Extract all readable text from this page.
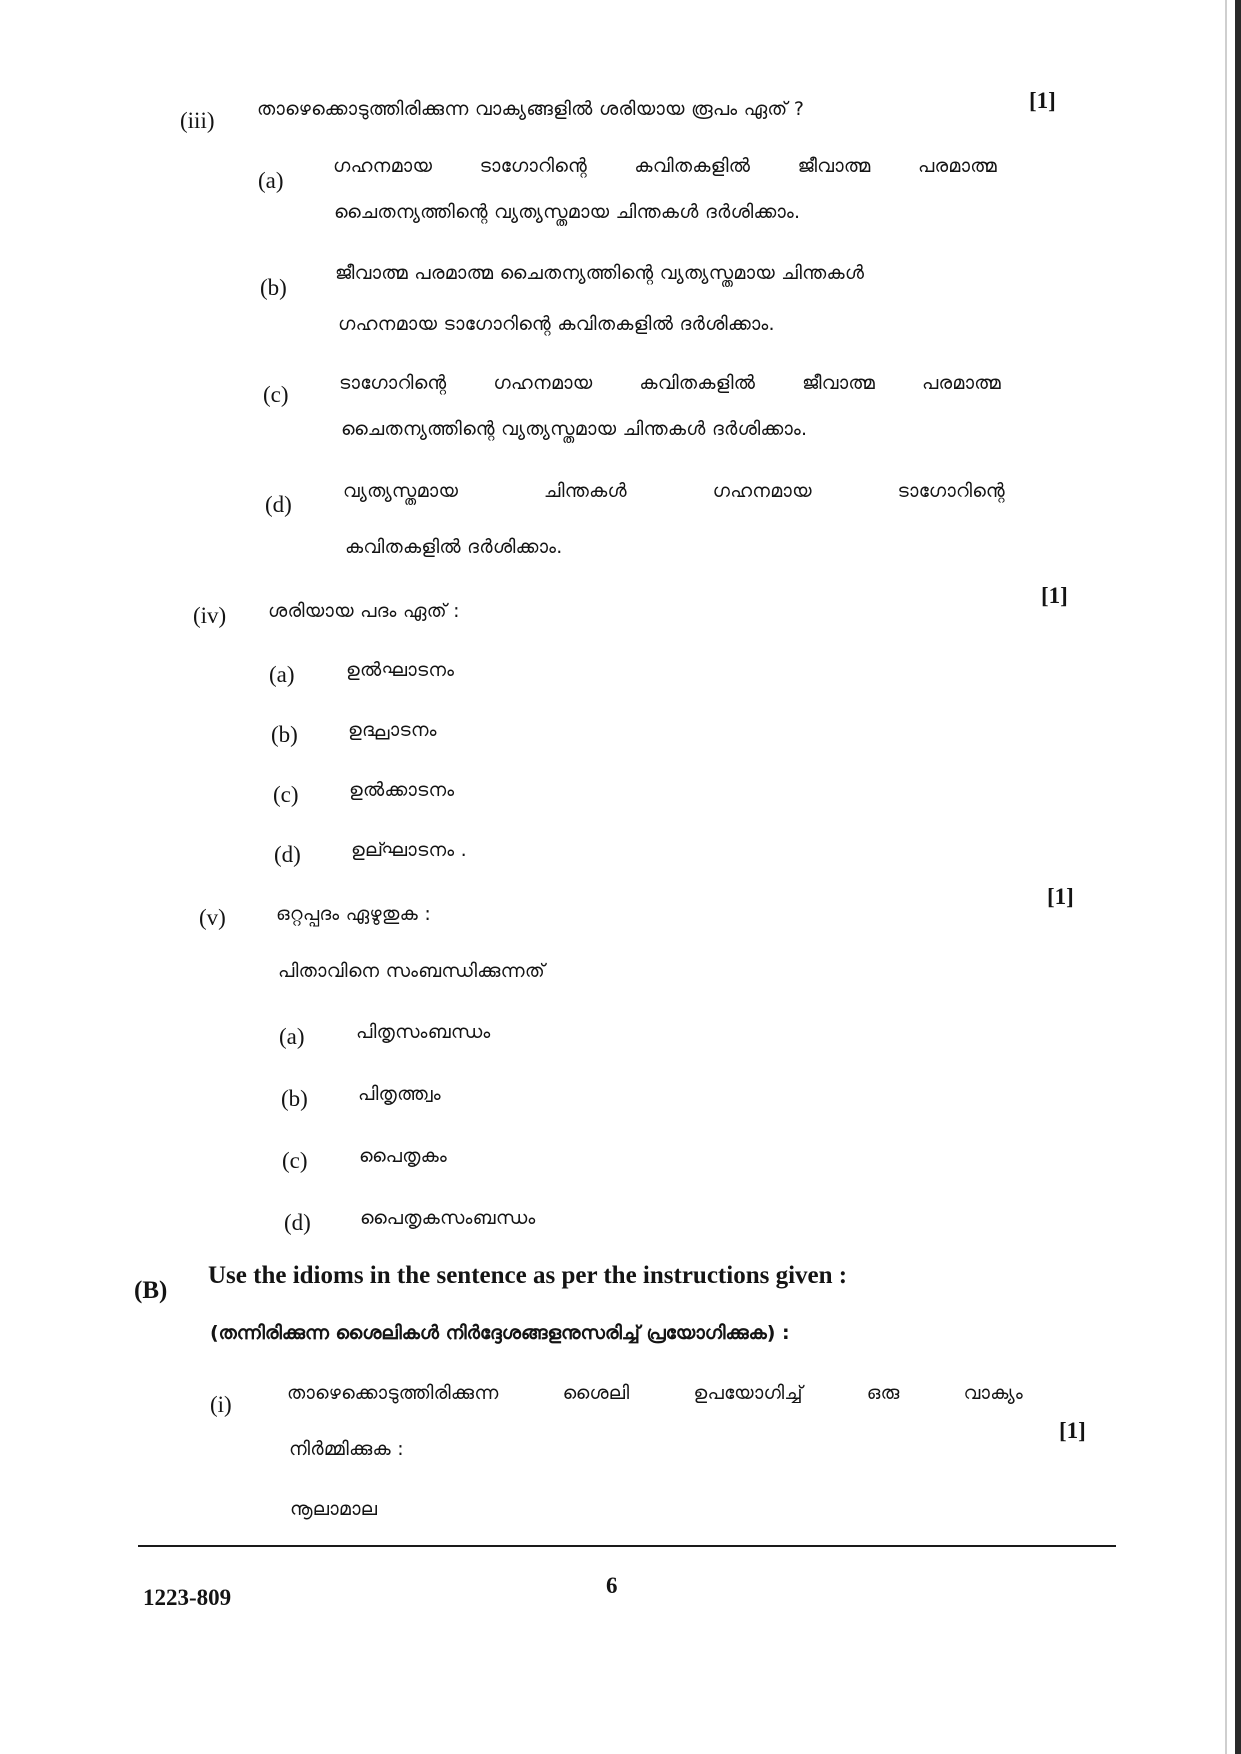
(iii) താഴെക്കൊടുത്തിരിക്കുന്ന വാക്യങ്ങളിൽ ശരിയായ രൂപം ഏത് ?	[1]
(a)
ഗഹനമായ ടാഗോറിന്റെ കവിതകളിൽ ജീവാത്മ പരമാത്മ
ചൈതന്യത്തിന്റെ വ്യത്യസ്തമായ ചിന്തകൾ ദർശിക്കാം.
(b)
ജീവാത്മ പരമാത്മ ചൈതന്യത്തിന്റെ വ്യത്യസ്തമായ ചിന്തകൾ
ഗഹനമായ ടാഗോറിന്റെ കവിതകളിൽ ദർശിക്കാം.
(c)	ടാഗോറിന്റെ ഗഹനമായ കവിതകളിൽ ജീവാത്മ പരമാത്മ
ചൈതന്യത്തിന്റെ വ്യത്യസ്തമായ ചിന്തകൾ ദർശിക്കാം.
(d)
വ്യത്യസ്തമായ	ചിന്തകൾ	ഗഹനമായ	ടാഗോറിന്റെ
കവിതകളിൽ ദർശിക്കാം.
(iv) ശരിയായ പദം ഏത് :
[1]
(a)	ഉൽഘാടനം
(b)	ഉദ്ഘാടനം
(c)	ഉൽക്കാടനം
(d)	ഉല്ഘാടനം .
(v)	ഒറ്റപ്പദം ഏഴുതുക :
[1]
പിതാവിനെ സംബന്ധിക്കുന്നത്
(a)	പിതൃസംബന്ധം
(b)	പിതൃത്ത്വം
(c)	പൈതൃകം
(d)	പൈതൃകസംബന്ധം
(B)
Use the idioms in the sentence as per the instructions given :
(തന്നിരിക്കുന്ന ശൈലികൾ നിർദ്ദേശങ്ങളനുസരിച്ച് പ്രയോഗിക്കുക) :
(i)	താഴെക്കൊടുത്തിരിക്കുന്ന	ശൈലി	ഉപയോഗിച്ച്	ഒരു	വാക്യം
[1]
നിർമ്മിക്കുക :
നൂലാമാല
1223-809	6
